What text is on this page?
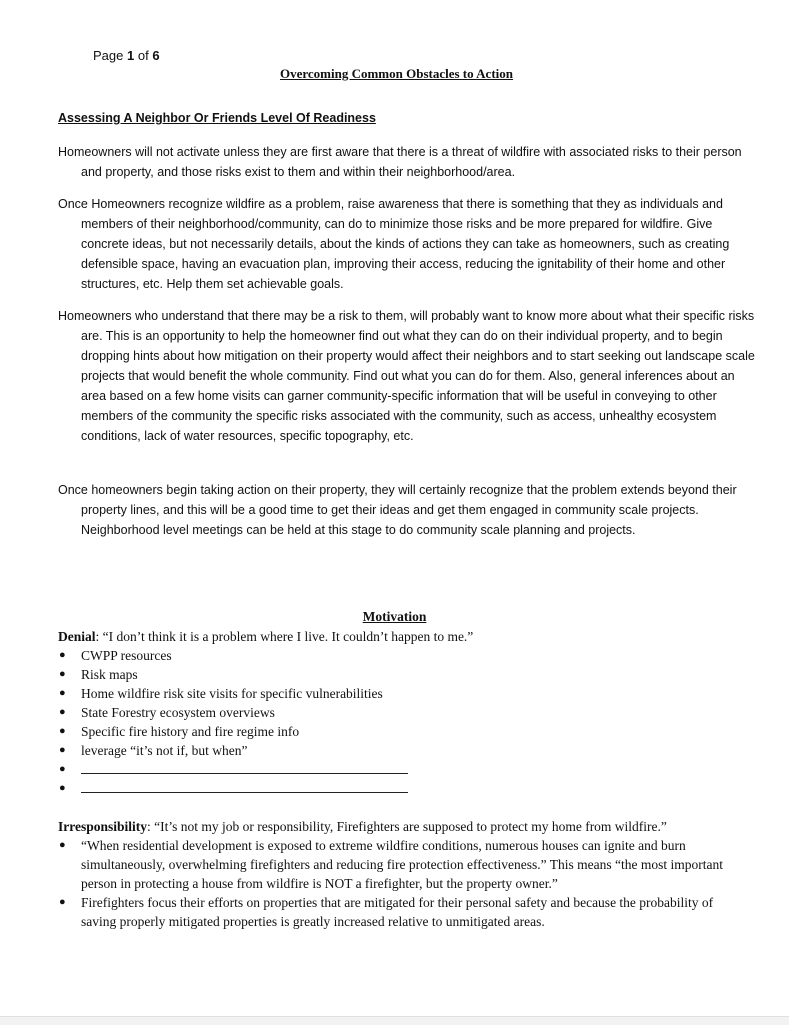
Page 1 of 6
Overcoming Common Obstacles to Action
Assessing A Neighbor Or Friends Level Of Readiness

Homeowners will not activate unless they are first aware that there is a threat of wildfire with associated risks to their person and property, and those risks exist to them and within their neighborhood/area.

Once Homeowners recognize wildfire as a problem, raise awareness that there is something that they as individuals and members of their neighborhood/community, can do to minimize those risks and be more prepared for wildfire. Give concrete ideas, but not necessarily details, about the kinds of actions they can take as homeowners, such as creating defensible space, having an evacuation plan, improving their access, reducing the ignitability of their home and other structures, etc. Help them set achievable goals.

Homeowners who understand that there may be a risk to them, will probably want to know more about what their specific risks are. This is an opportunity to help the homeowner find out what they can do on their individual property, and to begin dropping hints about how mitigation on their property would affect their neighbors and to start seeking out landscape scale projects that would benefit the whole community. Find out what you can do for them. Also, general inferences about an area based on a few home visits can garner community-specific information that will be useful in conveying to other members of the community the specific risks associated with the community, such as access, unhealthy ecosystem conditions, lack of water resources, specific topography, etc.

Once homeowners begin taking action on their property, they will certainly recognize that the problem extends beyond their property lines, and this will be a good time to get their ideas and get them engaged in community scale projects. Neighborhood level meetings can be held at this stage to do community scale planning and projects.

Motivation
Denial: “I don’t think it is a problem where I live. It couldn’t happen to me.”
● CWPP resources
● Risk maps
● Home wildfire risk site visits for specific vulnerabilities
● State Forestry ecosystem overviews
● Specific fire history and fire regime info
● leverage “it’s not if, but when”
●
●
Irresponsibility: “It’s not my job or responsibility, Firefighters are supposed to protect my home from wildfire.”
● “When residential development is exposed to extreme wildfire conditions, numerous houses can ignite and burn simultaneously, overwhelming firefighters and reducing fire protection effectiveness.” This means “the most important person in protecting a house from wildfire is NOT a firefighter, but the property owner.”
● Firefighters focus their efforts on properties that are mitigated for their personal safety and because the probability of saving properly mitigated properties is greatly increased relative to unmitigated areas.
